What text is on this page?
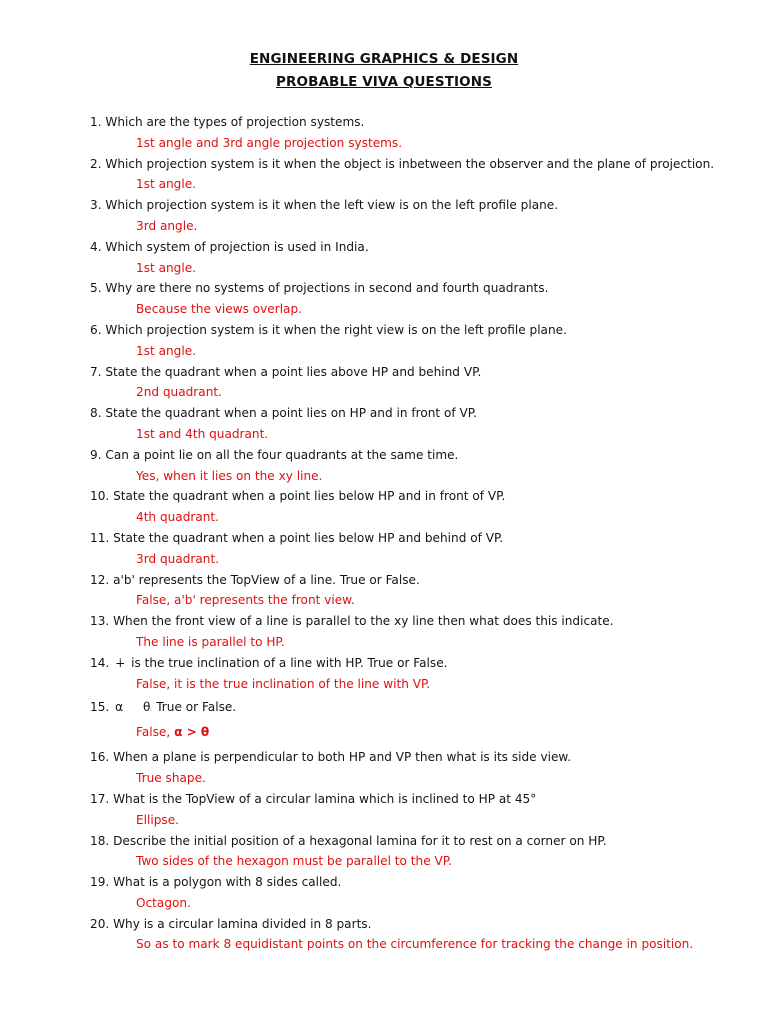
ENGINEERING GRAPHICS & DESIGN
PROBABLE VIVA QUESTIONS
1. Which are the types of projection systems.
1st angle and 3rd angle projection systems.
2. Which projection system is it when the object is inbetween the observer and the plane of projection.
1st angle.
3. Which projection system is it when the left view is on the left profile plane.
3rd angle.
4. Which system of projection is used in India.
1st angle.
5. Why are there no systems of projections in second and fourth quadrants.
Because the views overlap.
6. Which projection system is it when the right view is on the left profile plane.
1st angle.
7. State the quadrant when a point lies above HP and behind VP.
2nd quadrant.
8. State the quadrant when a point lies on HP and in front of VP.
1st and 4th quadrant.
9. Can a point lie on all the four quadrants at the same time.
Yes, when it lies on the xy line.
10. State the quadrant when a point lies below HP and in front of VP.
4th quadrant.
11. State the quadrant when a point lies below HP and behind of VP.
3rd quadrant.
12. a'b' represents the TopView of a line. True or False.
False, a'b' represents the front view.
13. When the front view of a line is parallel to the xy line then what does this indicate.
The line is parallel to HP.
14. ∔ is the true inclination of a line with HP. True or False.
False, it is the true inclination of the line with VP.
15. α θ True or False.
False, α > θ
16. When a plane is perpendicular to both HP and VP then what is its side view.
True shape.
17. What is the TopView of a circular lamina which is inclined to HP at 45°
Ellipse.
18. Describe the initial position of a hexagonal lamina for it to rest on a corner on HP.
Two sides of the hexagon must be parallel to the VP.
19. What is a polygon with 8 sides called.
Octagon.
20. Why is a circular lamina divided in 8 parts.
So as to mark 8 equidistant points on the circumference for tracking the change in position.
